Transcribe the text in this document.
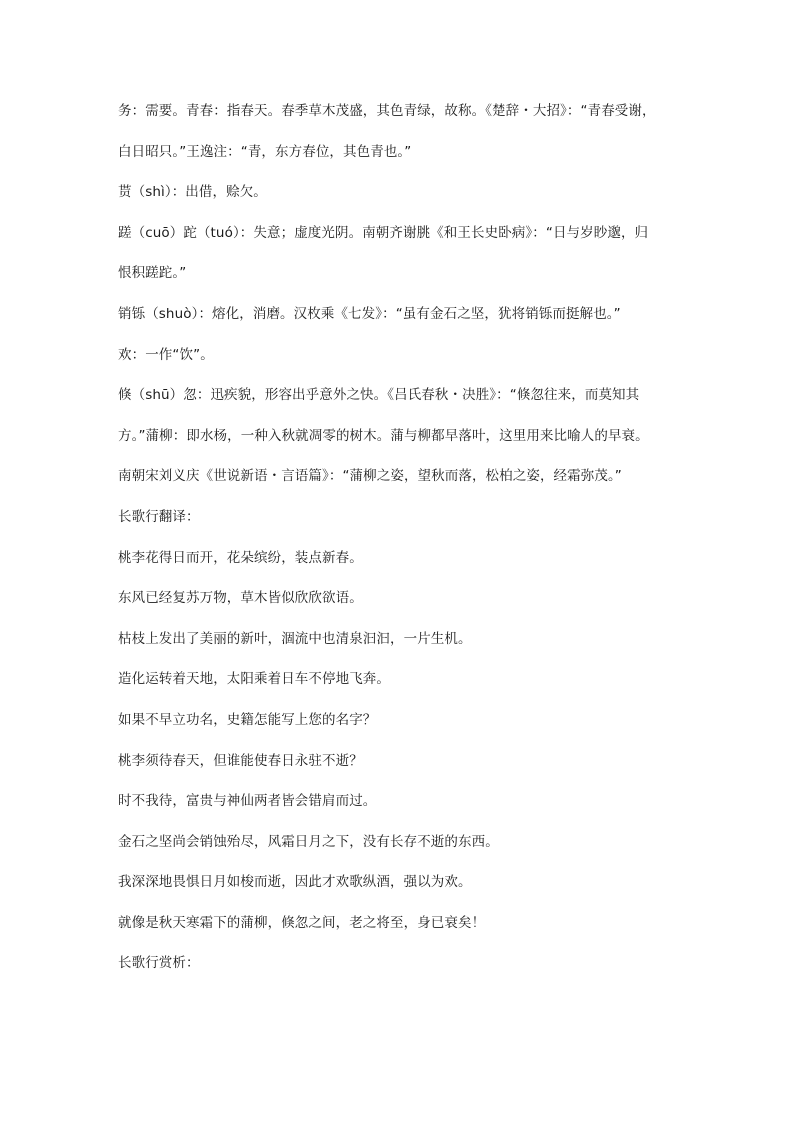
务：需要。青春：指春天。春季草木茂盛，其色青绿，故称。《楚辞・大招》：“青春受谢，
白日昭只。”王逸注：“青，东方春位，其色青也。”
贳（shì）：出借，赊欠。
蹉（cuō）跎（tuó）：失意；虚度光阴。南朝齐谢朓《和王长史卧病》：“日与岁眇邈，归
恨积蹉跎。”
销铄（shuò）：熔化，消磨。汉枚乘《七发》：“虽有金石之坚，犹将销铄而挺解也。”
欢：一作“饮”。
倏（shū）忽：迅疾貌，形容出乎意外之快。《吕氏春秋・决胜》：“倏忽往来，而莫知其
方。”蒲柳：即水杨，一种入秋就凋零的树木。蒲与柳都早落叶，这里用来比喻人的早衰。
南朝宋刘义庆《世说新语・言语篇》：“蒲柳之姿，望秋而落，松柏之姿，经霜弥茂。”
长歌行翻译：
桃李花得日而开，花朵缤纷，装点新春。
东风已经复苏万物，草木皆似欣欣欲语。
枯枝上发出了美丽的新叶，涸流中也清泉汩汩，一片生机。
造化运转着天地，太阳乘着日车不停地飞奔。
如果不早立功名，史籍怎能写上您的名字？
桃李须待春天，但谁能使春日永驻不逝？
时不我待，富贵与神仙两者皆会错肩而过。
金石之坚尚会销蚀殆尽，风霜日月之下，没有长存不逝的东西。
我深深地畏惧日月如梭而逝，因此才欢歌纵酒，强以为欢。
就像是秋天寒霜下的蒲柳，倏忽之间，老之将至，身已衰矣！
长歌行赏析：
